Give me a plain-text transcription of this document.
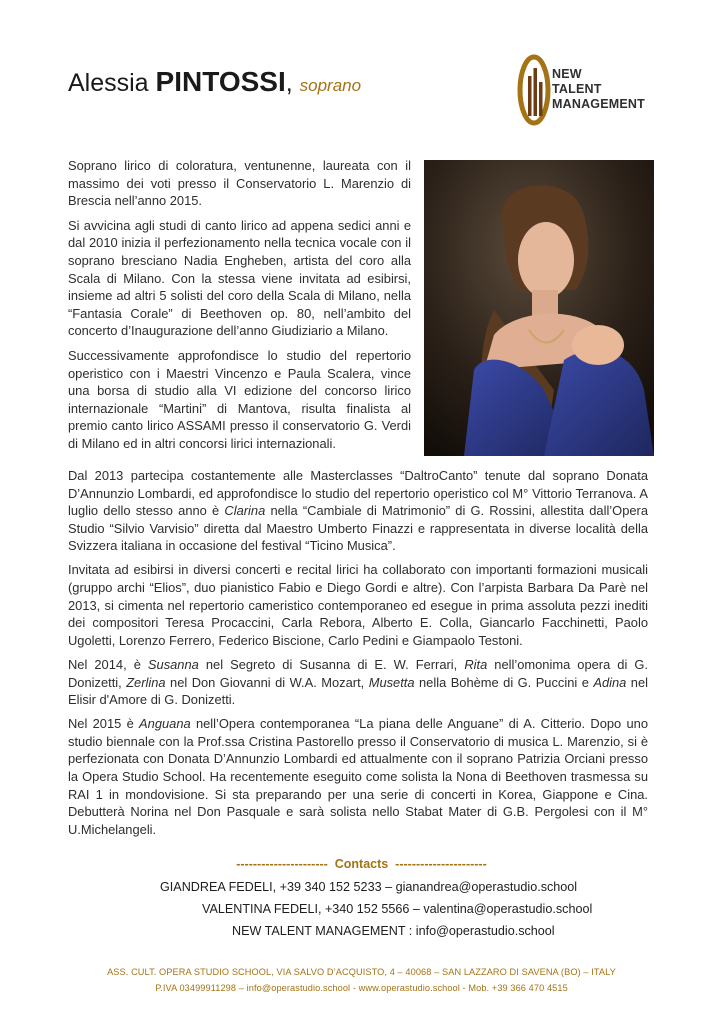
Alessia PINTOSSI, soprano
NEW
TALENT
MANAGEMENT

Soprano lirico di coloratura, ventunenne, laureata con il massimo dei voti presso il Conservatorio L. Marenzio di Brescia nell’anno 2015.

Si avvicina agli studi di canto lirico ad appena sedici anni e dal 2010 inizia il perfezionamento nella tecnica vocale con il soprano bresciano Nadia Engheben, artista del coro alla Scala di Milano. Con la stessa viene invitata ad esibirsi, insieme ad altri 5 solisti del coro della Scala di Milano, nella “Fantasia Corale” di Beethoven op. 80, nell’ambito del concerto d’Inaugurazione dell’anno Giudiziario a Milano.

Successivamente approfondisce lo studio del repertorio operistico con i Maestri Vincenzo e Paula Scalera, vince una borsa di studio alla VI edizione del concorso lirico internazionale “Martini” di Mantova, risulta finalista al premio canto lirico ASSAMI presso il conservatorio G. Verdi di Milano ed in altri concorsi lirici internazionali.

Dal 2013 partecipa costantemente alle Masterclasses “DaltroCanto” tenute dal soprano Donata D’Annunzio Lombardi, ed approfondisce lo studio del repertorio operistico col M° Vittorio Terranova. A luglio dello stesso anno è Clarina nella “Cambiale di Matrimonio” di G. Rossini, allestita dall’Opera Studio “Silvio Varvisio” diretta dal Maestro Umberto Finazzi e rappresentata in diverse località della Svizzera italiana in occasione del festival “Ticino Musica”.

Invitata ad esibirsi in diversi concerti e recital lirici ha collaborato con importanti formazioni musicali (gruppo archi “Elios”, duo pianistico Fabio e Diego Gordi e altre). Con l’arpista Barbara Da Parè nel 2013, si cimenta nel repertorio cameristico contemporaneo ed esegue in prima assoluta pezzi inediti dei compositori Teresa Procaccini, Carla Rebora, Alberto E. Colla, Giancarlo Facchinetti, Paolo Ugoletti, Lorenzo Ferrero, Federico Biscione, Carlo Pedini e Giampaolo Testoni.

Nel 2014, è Susanna nel Segreto di Susanna di E. W. Ferrari, Rita nell’omonima opera di G. Donizetti, Zerlina nel Don Giovanni di W.A. Mozart, Musetta nella Bohème di G. Puccini e Adina nel Elisir d'Amore di G. Donizetti.

Nel 2015 è Anguana nell’Opera contemporanea “La piana delle Anguane” di A. Citterio. Dopo uno studio biennale con la Prof.ssa Cristina Pastorello presso il Conservatorio di musica L. Marenzio, si è perfezionata con Donata D’Annunzio Lombardi ed attualmente con il soprano Patrizia Orciani presso la Opera Studio School. Ha recentemente eseguito come solista la Nona di Beethoven trasmessa su RAI 1 in mondovisione. Si sta preparando per una serie di concerti in Korea, Giappone e Cina. Debutterà Norina nel Don Pasquale e sarà solista nello Stabat Mater di G.B. Pergolesi con il M° U.Michelangeli.

----------------------  Contacts  ----------------------
GIANDREA FEDELI, +39 340 152 5233 – gianandrea@operastudio.school
VALENTINA FEDELI, +340 152 5566 – valentina@operastudio.school
NEW TALENT MANAGEMENT : info@operastudio.school
ASS. CULT. OPERA STUDIO SCHOOL, VIA SALVO D’ACQUISTO, 4 – 40068 – SAN LAZZARO DI SAVENA (BO) – ITALY
P.IVA 03499911298 – info@operastudio.school - www.operastudio.school - Mob. +39 366 470 4515
